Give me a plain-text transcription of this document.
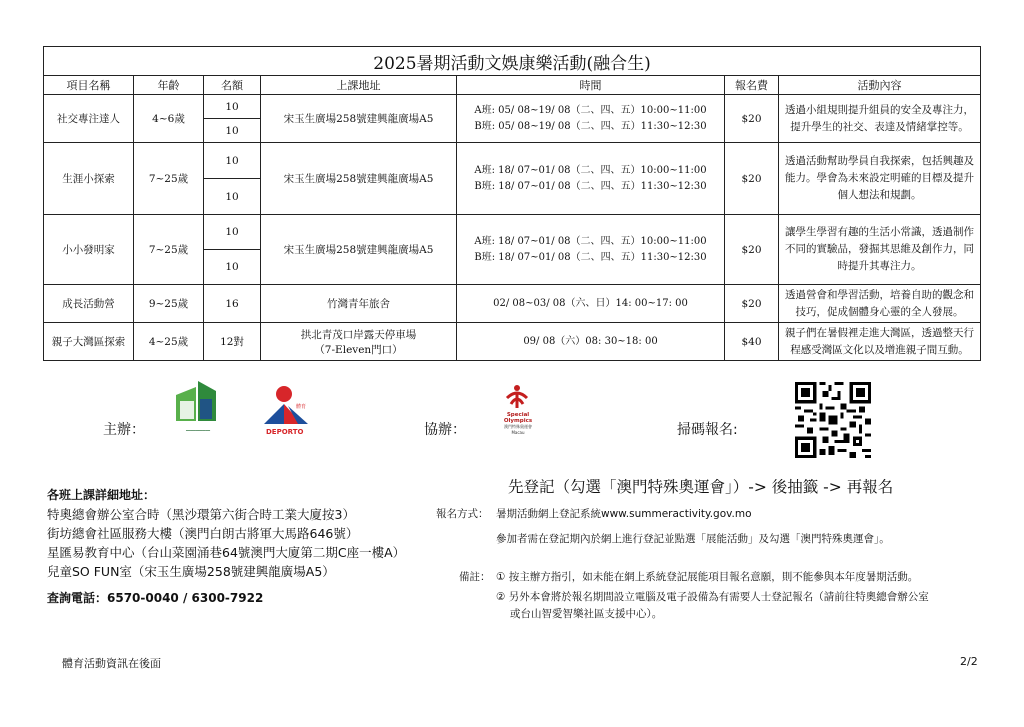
2025暑期活動文娛康樂活動(融合生)						
項目名稱	年齡	名額	上課地址	時間	報名費	活動內容
社交專注達人	4~6歲	10	宋玉生廣場258號建興龍廣場A5	A班: 05/ 08~19/ 08（二、四、五）10:00~11:00
B班: 05/ 08~19/ 08（二、四、五）11:30~12:30	$20	透過小組規則提升組員的安全及專注力，提升學生的社交、表達及情緒掌控等。
		10				
生涯小探索	7~25歲	10	宋玉生廣場258號建興龍廣場A5	A班: 18/ 07~01/ 08（二、四、五）10:00~11:00
B班: 18/ 07~01/ 08（二、四、五）11:30~12:30	$20	透過活動幫助學員自我探索，包括興趣及能力。學會為未來設定明確的目標及提升個人想法和規劃。
		10				
小小發明家	7~25歲	10	宋玉生廣場258號建興龍廣場A5	A班: 18/ 07~01/ 08（二、四、五）10:00~11:00
B班: 18/ 07~01/ 08（二、四、五）11:30~12:30	$20	讓學生學習有趣的生活小常識，透過制作不同的實驗品，發掘其思維及創作力，同時提升其專注力。
		10				
成長活動營	9~25歲	16	竹灣青年旅舍	02/ 08~03/ 08（六、日）14: 00~17: 00	$20	透過營會和學習活動，培養自助的觀念和技巧，促成個體身心靈的全人發展。
親子大灣區探索	4~25歲	12對	拱北青茂口岸露天停車場
（7-Eleven門口）	09/ 08（六）08: 30~18: 00	$40	親子們在暑假裡走進大灣區，透過整天行程感受灣區文化以及增進親子間互動。
主辦：	━━━━━━━━━━
體育
DEPORTO	協辦：
Special
Olympics
澳門特殊奧運會
Macau	掃碼報名:
各班上課詳細地址：
特奧總會辦公室合時（黑沙環第六街合時工業大廈按3）
街坊總會社區服務大樓（澳門白朗古將軍大馬路646號）
星匯易教育中心（台山菜園涌巷64號澳門大廈第二期C座一樓A）
兒童SO FUN室（宋玉生廣場258號建興龍廣場A5）
查詢電話：6570-0040 / 6300-7922
先登記（勾選「澳門特殊奧運會」）-> 後抽籤 -> 再報名
報名方式： 暑期活動網上登記系統www.summeractivity.gov.mo
參加者需在登記期內於網上進行登記並點選「展能活動」及勾選「澳門特殊奧運會」。
備註： ① 按主辦方指引，如未能在網上系統登記展能項目報名意願，則不能參與本年度暑期活動。
② 另外本會將於報名期間設立電腦及電子設備為有需要人士登記報名（請前往特奧總會辦公室
或台山智愛智樂社區支援中心）。
體育活動資訊在後面	2/2
